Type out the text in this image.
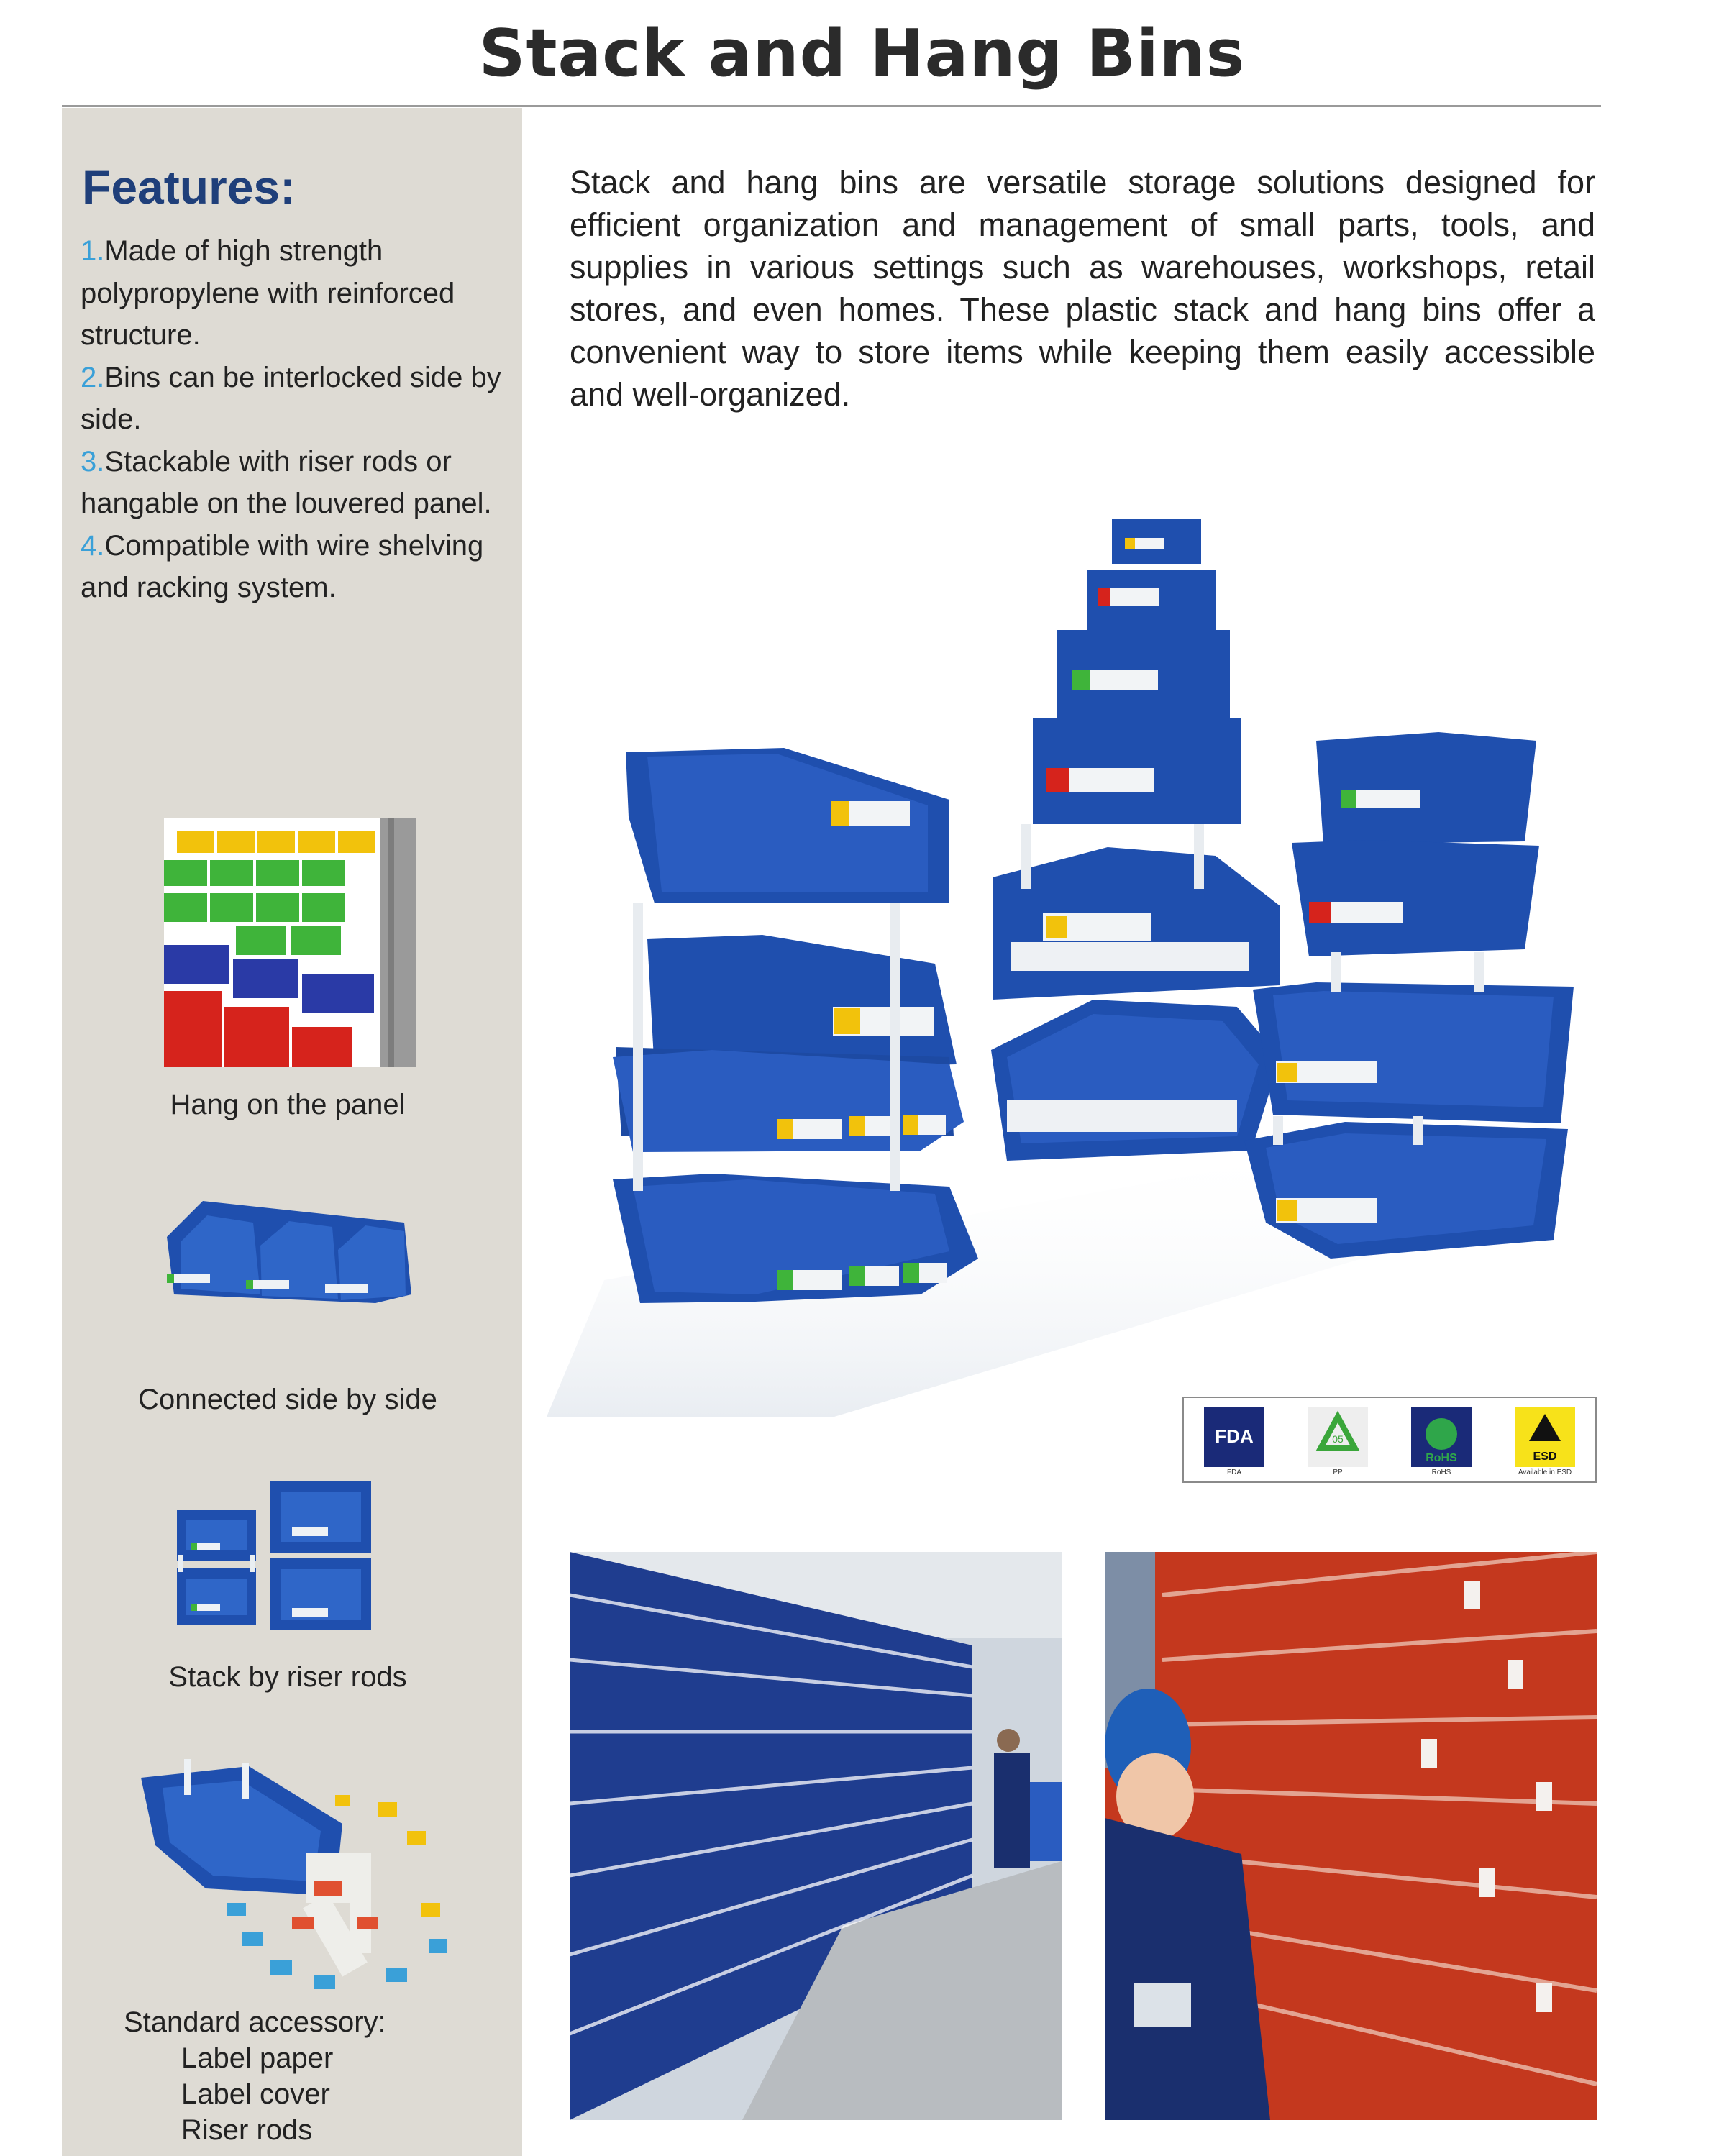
Stack and Hang Bins
Features:
1.Made of high strength polypropylene with reinforced structure.
2.Bins can be interlocked side by side.
3.Stackable with riser rods or hangable on the louvered panel.
4.Compatible with wire shelving and racking system.
Hang on the panel
Connected side by side
Stack by riser rods
Standard accessory:
Label paper
Label cover
Riser rods

Stack and hang bins are versatile storage solutions designed for efficient organization and management of small parts, tools, and supplies in various settings such as warehouses, workshops, retail stores, and even homes. These plastic stack and hang bins offer a convenient way to store items while keeping them easily accessible and well-organized.

FDA
FDA
05
PP
RoHS
RoHS
ESD
Available in ESD
